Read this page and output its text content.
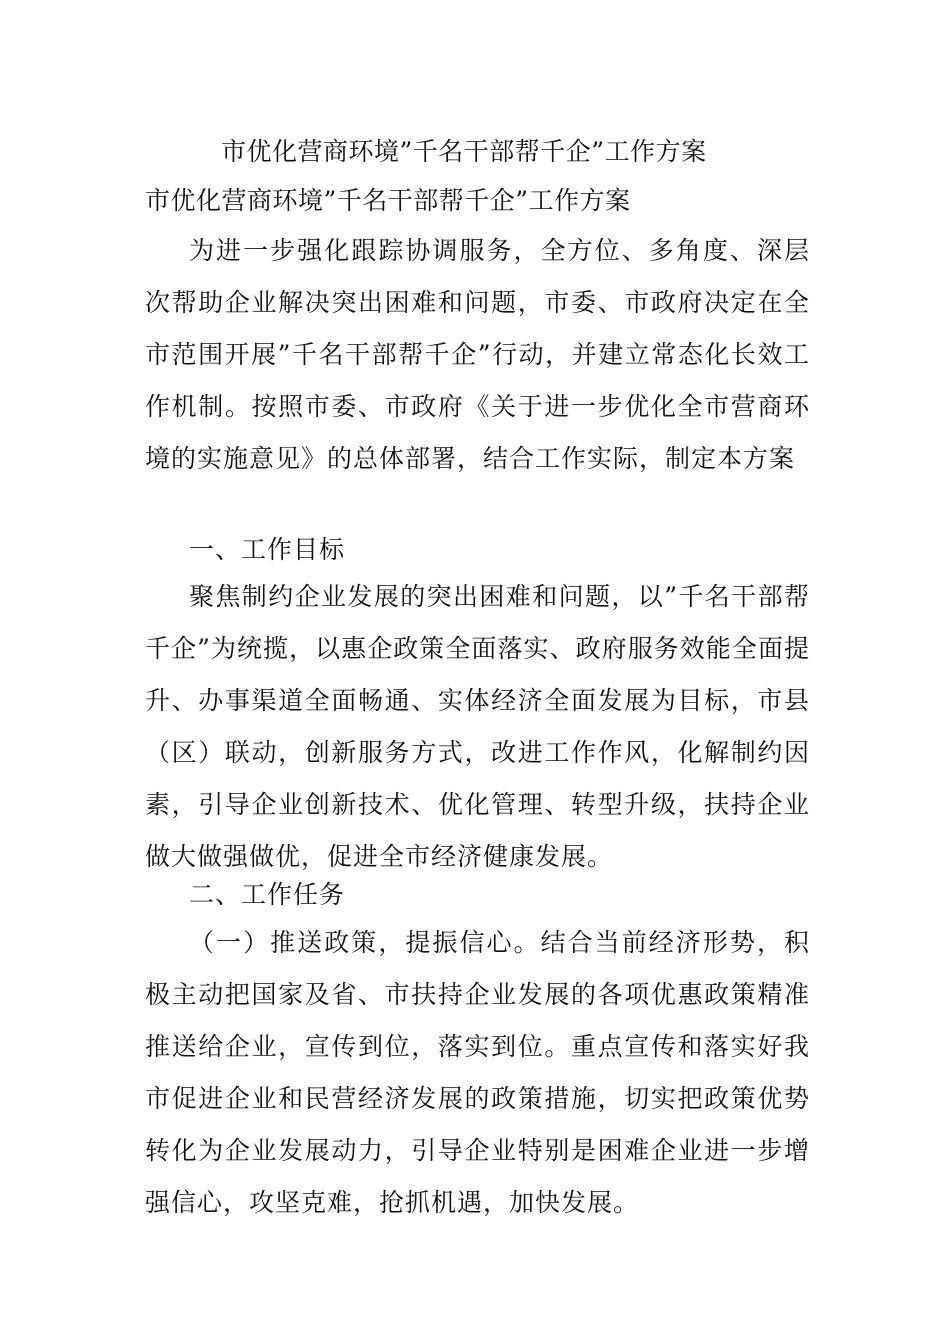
市优化营商环境”千名干部帮千企”工作方案
市优化营商环境”千名干部帮千企”工作方案

为进一步强化跟踪协调服务，全方位、多角度、深层次帮助企业解决突出困难和问题，市委、市政府决定在全市范围开展”千名干部帮千企”行动，并建立常态化长效工作机制。按照市委、市政府《关于进一步优化全市营商环境的实施意见》的总体部署，结合工作实际，制定本方案

一、工作目标

聚焦制约企业发展的突出困难和问题，以”千名干部帮千企”为统揽，以惠企政策全面落实、政府服务效能全面提升、办事渠道全面畅通、实体经济全面发展为目标，市县（区）联动，创新服务方式，改进工作作风，化解制约因素，引导企业创新技术、优化管理、转型升级，扶持企业做大做强做优，促进全市经济健康发展。

二、工作任务

（一）推送政策，提振信心。结合当前经济形势，积极主动把国家及省、市扶持企业发展的各项优惠政策精准推送给企业，宣传到位，落实到位。重点宣传和落实好我市促进企业和民营经济发展的政策措施，切实把政策优势转化为企业发展动力，引导企业特别是困难企业进一步增强信心，攻坚克难，抢抓机遇，加快发展。
